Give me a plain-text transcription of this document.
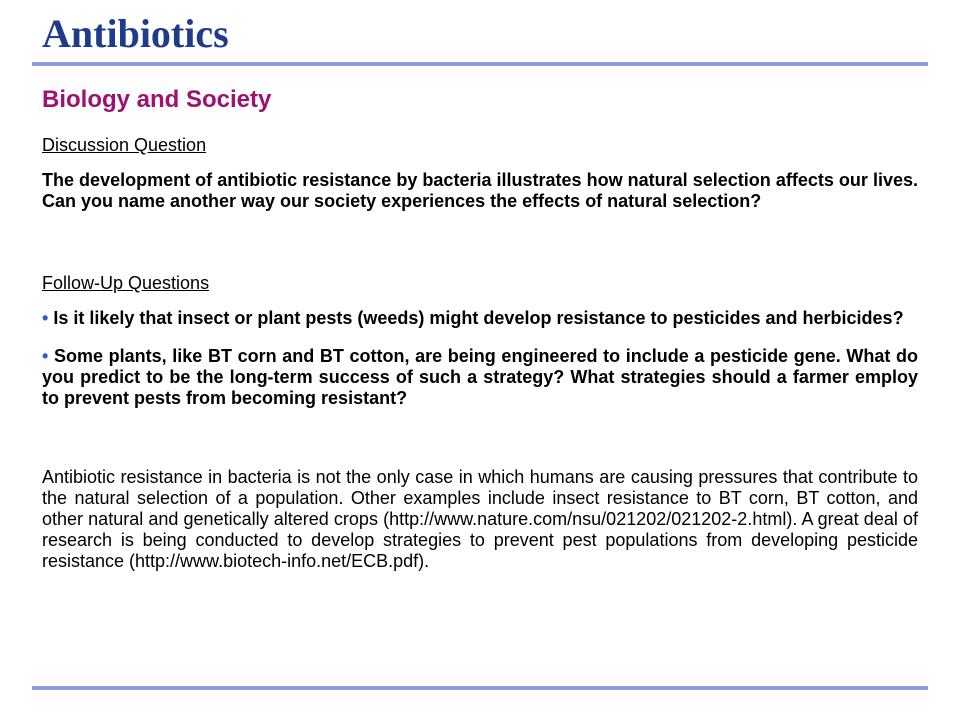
Antibiotics
Biology and Society

Discussion Question

The development of antibiotic resistance by bacteria illustrates how natural selection affects our lives. Can you name another way our society experiences the effects of natural selection?

Follow-Up Questions

• Is it likely that insect or plant pests (weeds) might develop resistance to pesticides and herbicides?

• Some plants, like BT corn and BT cotton, are being engineered to include a pesticide gene. What do you predict to be the long-term success of such a strategy? What strategies should a farmer employ to prevent pests from becoming resistant?

Antibiotic resistance in bacteria is not the only case in which humans are causing pressures that contribute to the natural selection of a population. Other examples include insect resistance to BT corn, BT cotton, and other natural and genetically altered crops (http://www.nature.com/nsu/021202/021202-2.html). A great deal of research is being conducted to develop strategies to prevent pest populations from developing pesticide resistance (http://www.biotech-info.net/ECB.pdf).
